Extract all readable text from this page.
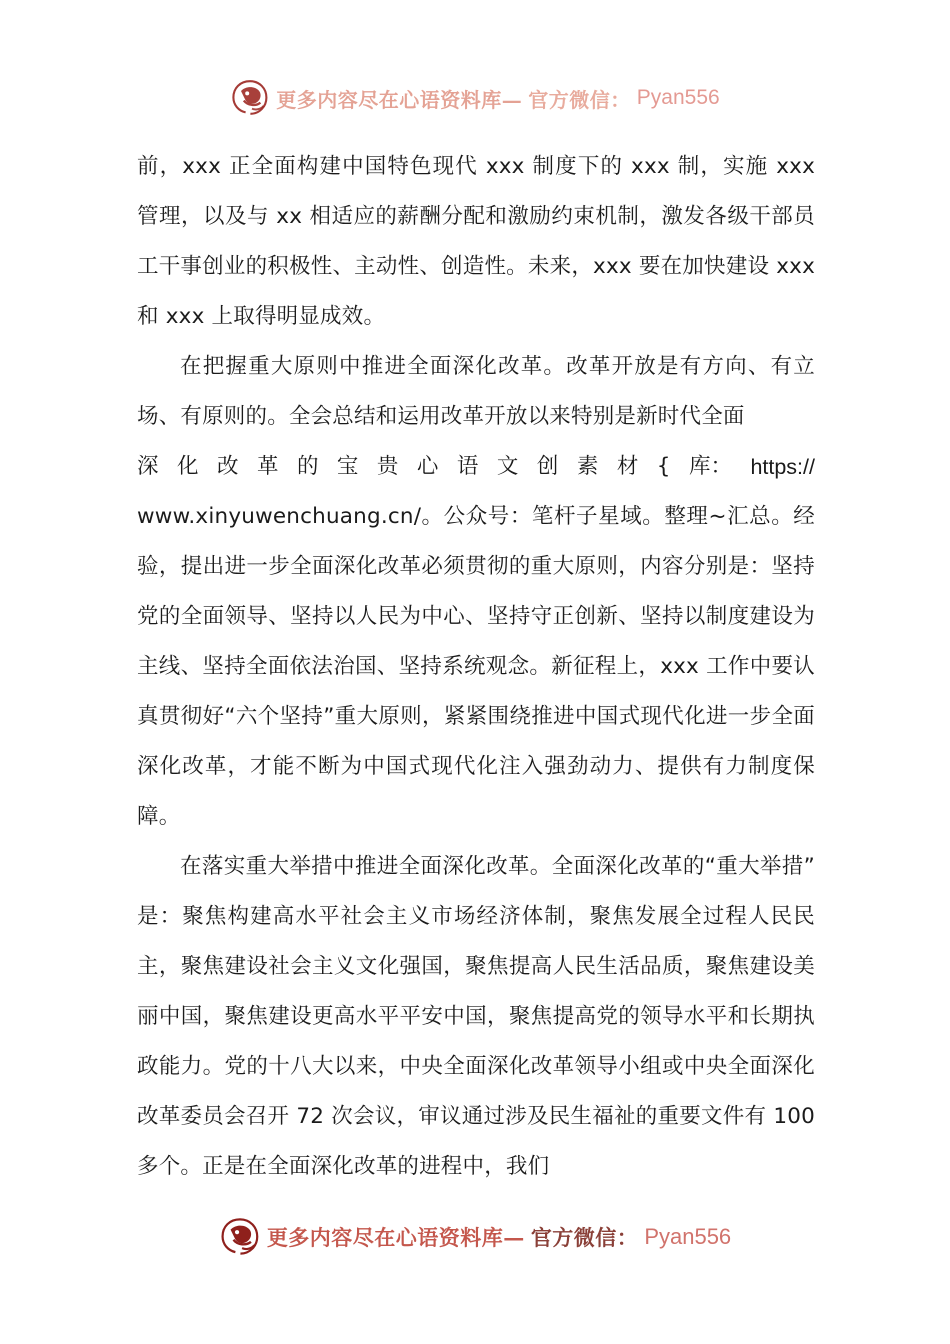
更多内容尽在心语资料库— 官方微信： Pyan556

前，xxx 正全面构建中国特色现代 xxx 制度下的 xxx 制，实施 xxx 管理，以及与 xx 相适应的薪酬分配和激励约束机制，激发各级干部员工干事创业的积极性、主动性、创造性。未来，xxx 要在加快建设 xxx 和 xxx 上取得明显成效。

在把握重大原则中推进全面深化改革。改革开放是有方向、有立场、有原则的。全会总结和运用改革开放以来特别是新时代全面

深 化 改 革 的 宝 贵 心 语 文 创 素 材 { 库： https://

www.xinyuwenchuang.cn/。公众号：笔杆子星域。整理~汇总。经验，提出进一步全面深化改革必须贯彻的重大原则，内容分别是：坚持党的全面领导、坚持以人民为中心、坚持守正创新、坚持以制度建设为主线、坚持全面依法治国、坚持系统观念。新征程上，xxx 工作中要认真贯彻好“六个坚持”重大原则，紧紧围绕推进中国式现代化进一步全面深化改革，才能不断为中国式现代化注入强劲动力、提供有力制度保障。

在落实重大举措中推进全面深化改革。全面深化改革的“重大举措”是：聚焦构建高水平社会主义市场经济体制，聚焦发展全过程人民民主，聚焦建设社会主义文化强国，聚焦提高人民生活品质，聚焦建设美丽中国，聚焦建设更高水平平安中国，聚焦提高党的领导水平和长期执政能力。党的十八大以来，中央全面深化改革领导小组或中央全面深化改革委员会召开 72 次会议，审议通过涉及民生福祉的重要文件有 100 多个。正是在全面深化改革的进程中，我们

更多内容尽在心语资料库— 官方微信： Pyan556
